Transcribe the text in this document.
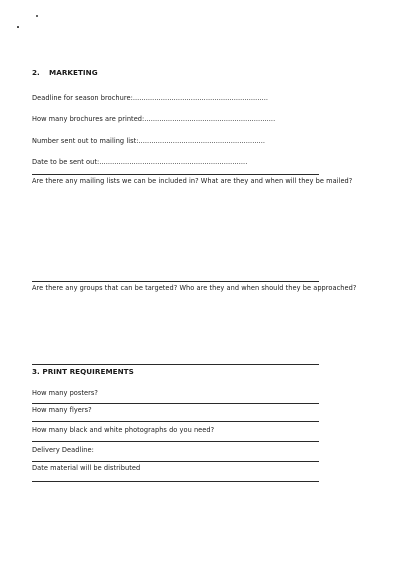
2. MARKETING
Deadline for season brochure:...............................................................
How many brochures are printed:.............................................................
Number sent out to mailing list:...........................................................
Date to be sent out:.....................................................................
Are there any mailing lists we can be included in? What are they and when will they be mailed?
Are there any groups that can be targeted? Who are they and when should they be approached?
3. PRINT REQUIREMENTS
How many posters?
How many flyers?
How many black and white photographs do you need?
Delivery Deadline:
Date material will be distributed
